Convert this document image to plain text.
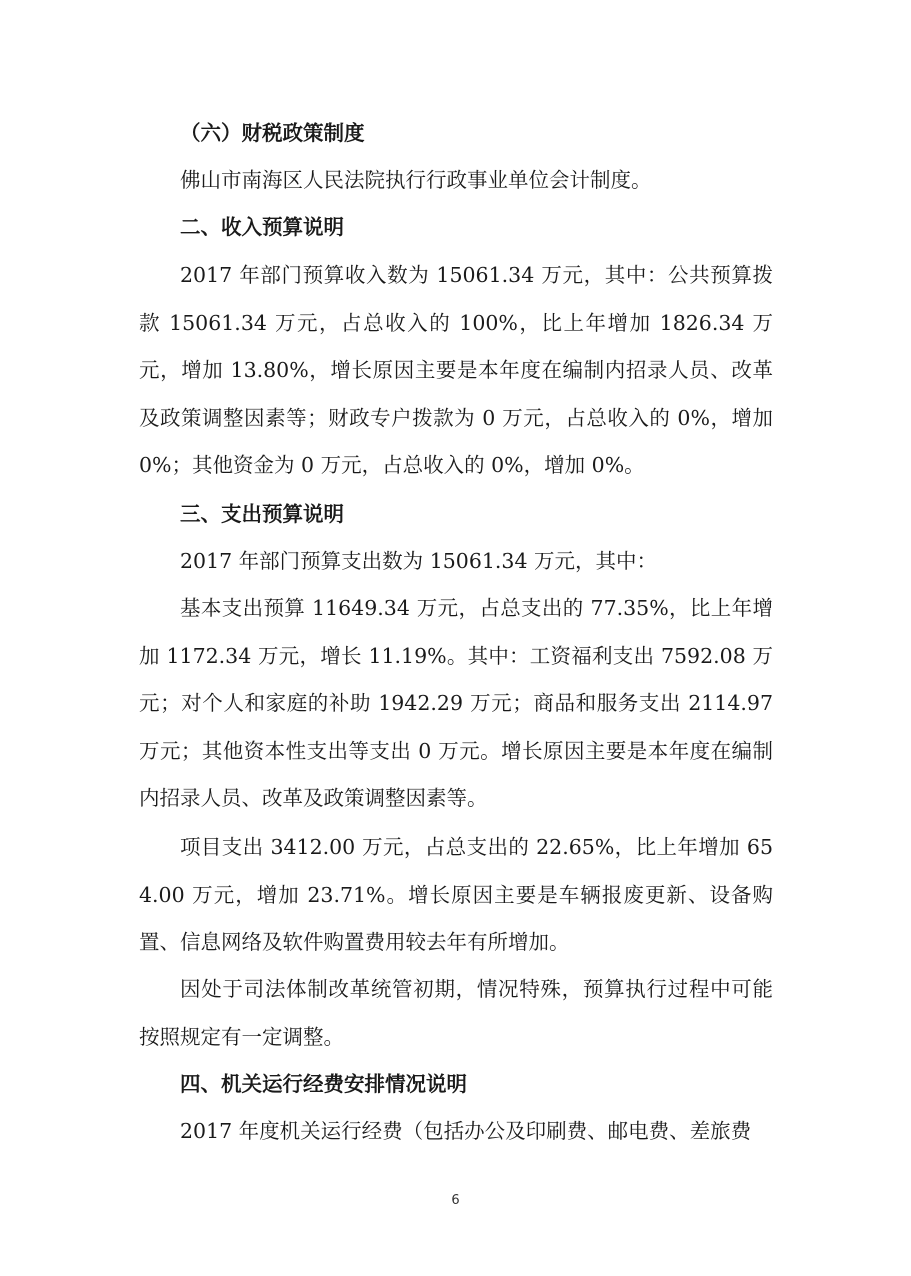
（六）财税政策制度
佛山市南海区人民法院执行行政事业单位会计制度。
二、收入预算说明
2017 年部门预算收入数为 15061.34 万元，其中：公共预算拨款 15061.34 万元，占总收入的 100%，比上年增加 1826.34 万元，增加 13.80%，增长原因主要是本年度在编制内招录人员、改革及政策调整因素等；财政专户拨款为 0 万元，占总收入的 0%，增加 0%；其他资金为 0 万元，占总收入的 0%，增加 0%。
三、支出预算说明
2017 年部门预算支出数为 15061.34 万元，其中：
基本支出预算 11649.34 万元，占总支出的 77.35%，比上年增加 1172.34 万元，增长 11.19%。其中：工资福利支出 7592.08 万元；对个人和家庭的补助 1942.29 万元；商品和服务支出 2114.97 万元；其他资本性支出等支出 0 万元。增长原因主要是本年度在编制内招录人员、改革及政策调整因素等。
项目支出 3412.00 万元，占总支出的 22.65%，比上年增加 654.00 万元，增加 23.71%。增长原因主要是车辆报废更新、设备购置、信息网络及软件购置费用较去年有所增加。
因处于司法体制改革统管初期，情况特殊，预算执行过程中可能按照规定有一定调整。
四、机关运行经费安排情况说明
2017 年度机关运行经费（包括办公及印刷费、邮电费、差旅费
6
